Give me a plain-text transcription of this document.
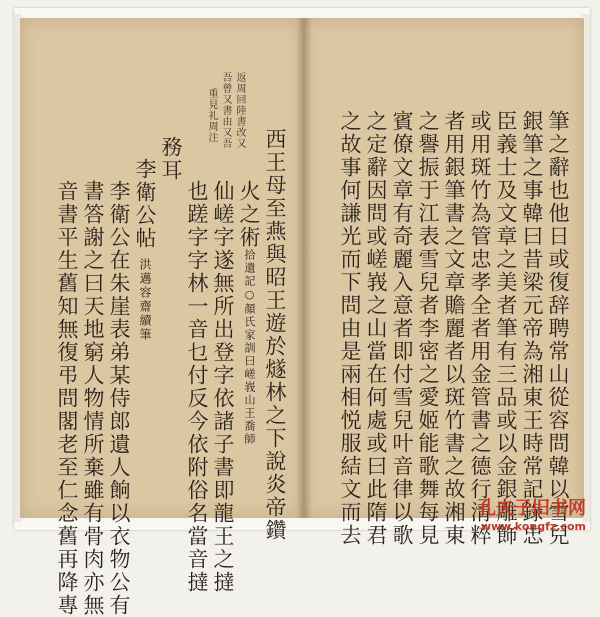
返周回陸書改又
吾曾又書由又吾
重見礼周注
西王母至燕與昭王遊於燧林之下說炎帝鑽
火之術拾遺記○顏氏家訓曰嵯峩山王喬師
仙嵯字遂無所出登字依諸子書即龍王之撻
也蹉字字林一音乜付反今依附俗名當音撻
務耳
李衛公帖洪邁容齋續筆
李衛公在朱崖表弟某侍郎遺人餉以衣物公有
書答謝之曰天地窮人物情所棄雖有骨肉亦無
音書平生舊知無復弔問閣老至仁念舊再降專	筆之辭也他日或復辞聘常山從容問韓以雪兒
銀筆之事韓曰昔梁元帝為湘東王時常記錄忠
臣義士及文章之美者筆有三品或以金銀雕飾
或用斑竹為管忠孝全者用金管書之德行清粹
者用銀筆書之文章贍麗者以斑竹書之故湘東
之譽振于江表雪兒者李密之愛姬能歌舞每見
賓僚文章有奇麗入意者即付雪兒叶音律以歌
之定辭因問或嵯峩之山當在何處或曰此隋君
之故事何謙光而下問由是兩相悦服結文而去	孔夫子旧书网
www.kongfz.com
